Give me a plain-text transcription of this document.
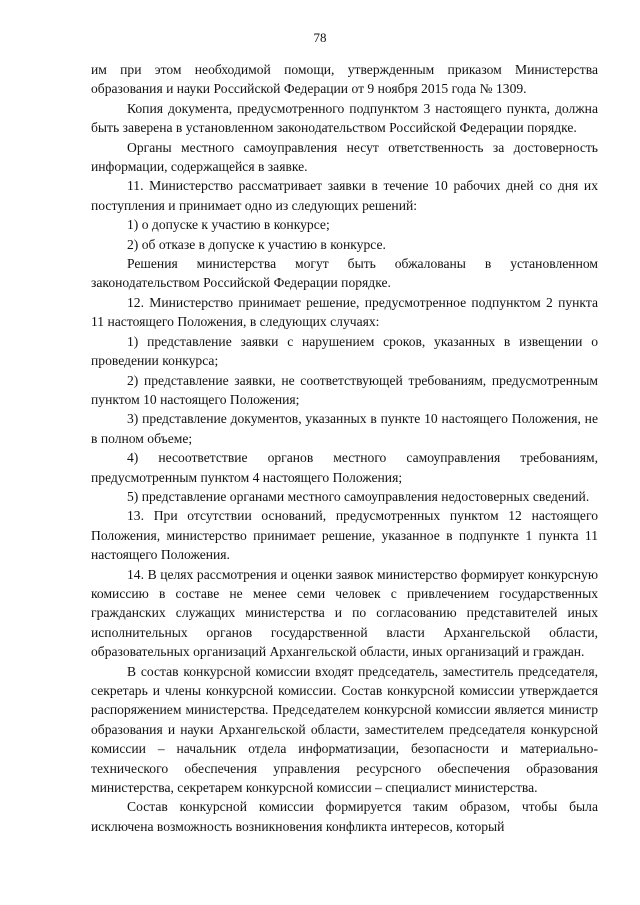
78

им при этом необходимой помощи, утвержденным приказом Министерства образования и науки Российской Федерации от 9 ноября 2015 года № 1309.

Копия документа, предусмотренного подпунктом 3 настоящего пункта, должна быть заверена в установленном законодательством Российской Федерации порядке.

Органы местного самоуправления несут ответственность за достоверность информации, содержащейся в заявке.

11. Министерство рассматривает заявки в течение 10 рабочих дней со дня их поступления и принимает одно из следующих решений:

1) о допуске к участию в конкурсе;

2) об отказе в допуске к участию в конкурсе.

Решения министерства могут быть обжалованы в установленном законодательством Российской Федерации порядке.

12. Министерство принимает решение, предусмотренное подпунктом 2 пункта 11 настоящего Положения, в следующих случаях:

1) представление заявки с нарушением сроков, указанных в извещении о проведении конкурса;

2) представление заявки, не соответствующей требованиям, предусмотренным пунктом 10 настоящего Положения;

3) представление документов, указанных в пункте 10 настоящего Положения, не в полном объеме;

4) несоответствие органов местного самоуправления требованиям, предусмотренным пунктом 4 настоящего Положения;

5) представление органами местного самоуправления недостоверных сведений.

13. При отсутствии оснований, предусмотренных пунктом 12 настоящего Положения, министерство принимает решение, указанное в подпункте 1 пункта 11 настоящего Положения.

14. В целях рассмотрения и оценки заявок министерство формирует конкурсную комиссию в составе не менее семи человек с привлечением государственных гражданских служащих министерства и по согласованию представителей иных исполнительных органов государственной власти Архангельской области, образовательных организаций Архангельской области, иных организаций и граждан.

В состав конкурсной комиссии входят председатель, заместитель председателя, секретарь и члены конкурсной комиссии. Состав конкурсной комиссии утверждается распоряжением министерства. Председателем конкурсной комиссии является министр образования и науки Архангельской области, заместителем председателя конкурсной комиссии – начальник отдела информатизации, безопасности и материально-технического обеспечения управления ресурсного обеспечения образования министерства, секретарем конкурсной комиссии – специалист министерства.

Состав конкурсной комиссии формируется таким образом, чтобы была исключена возможность возникновения конфликта интересов, который
